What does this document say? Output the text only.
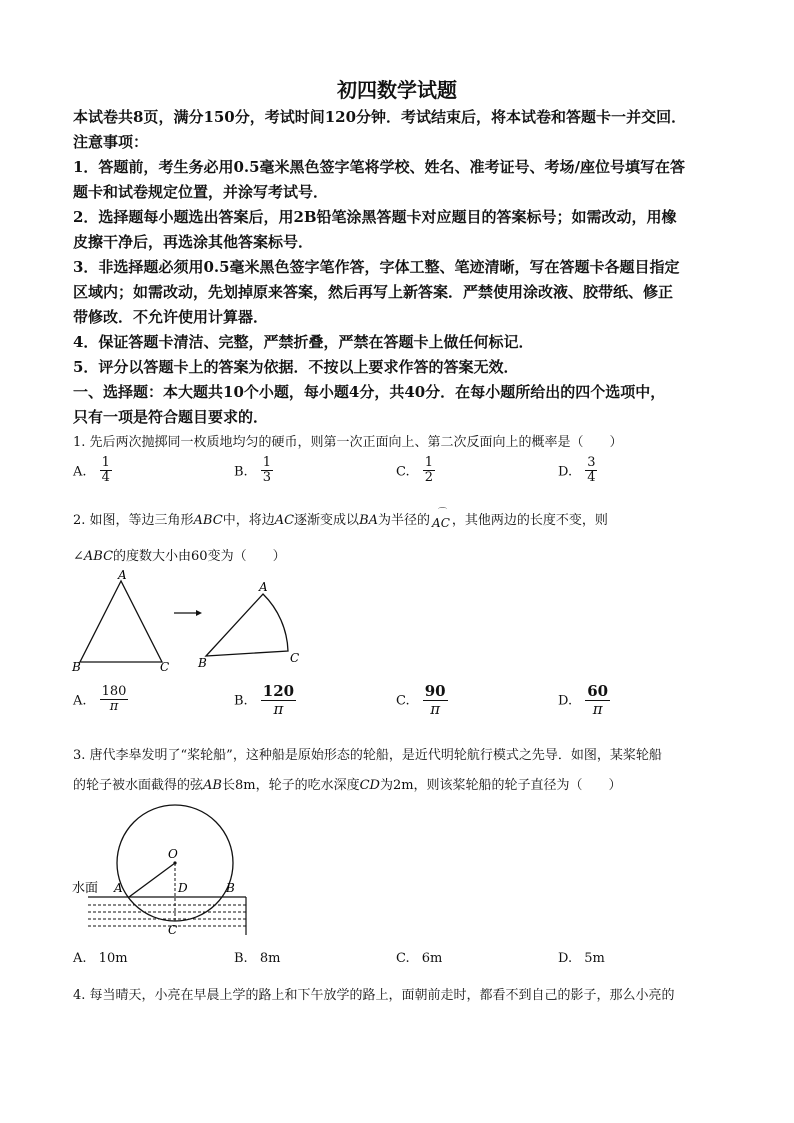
初四数学试题
本试卷共8页，满分150分，考试时间120分钟．考试结束后，将本试卷和答题卡一并交回．
注意事项：
1．答题前，考生务必用0.5毫米黑色签字笔将学校、姓名、准考证号、考场/座位号填写在答
题卡和试卷规定位置，并涂写考试号．
2．选择题每小题选出答案后，用2B铅笔涂黑答题卡对应题目的答案标号；如需改动，用橡
皮擦干净后，再选涂其他答案标号．
3．非选择题必须用0.5毫米黑色签字笔作答，字体工整、笔迹清晰，写在答题卡各题目指定
区域内；如需改动，先划掉原来答案，然后再写上新答案．严禁使用涂改液、胶带纸、修正
带修改．不允许使用计算器．
4．保证答题卡清洁、完整，严禁折叠，严禁在答题卡上做任何标记．
5．评分以答题卡上的答案为依据．不按以上要求作答的答案无效．
一、选择题：本大题共10个小题，每小题4分，共40分．在每小题所给出的四个选项中，
只有一项是符合题目要求的．
1. 先后两次抛掷同一枚质地均匀的硬币，则第一次正面向上、第二次反面向上的概率是（　　）
A. $\frac{1}{4}$	B. $\frac{1}{3}$	C. $\frac{1}{2}$	D. $\frac{3}{4}$
2. 如图，等边三角形ABC中，将边AC逐渐变成以BA为半径的 ⌒
AC ，其他两边的长度不变，则
∠ABC的度数大小由60变为（　　）
A
B	C
A
B	C
A. $\frac{180}{\pi}$	B. $\frac{120}{\pi}$	C. $\frac{90}{\pi}$	D. $\frac{60}{\pi}$
3. 唐代李皋发明了“桨轮船”，这种船是原始形态的轮船，是近代明轮航行模式之先导．如图，某桨轮船
的轮子被水面截得的弦AB长8m，轮子的吃水深度CD为2m，则该桨轮船的轮子直径为（　　）
O
水面 A	D	B
C
A. 10m	B. 8m	C. 6m	D. 5m
4. 每当晴天，小亮在早晨上学的路上和下午放学的路上，面朝前走时，都看不到自己的影子，那么小亮的
